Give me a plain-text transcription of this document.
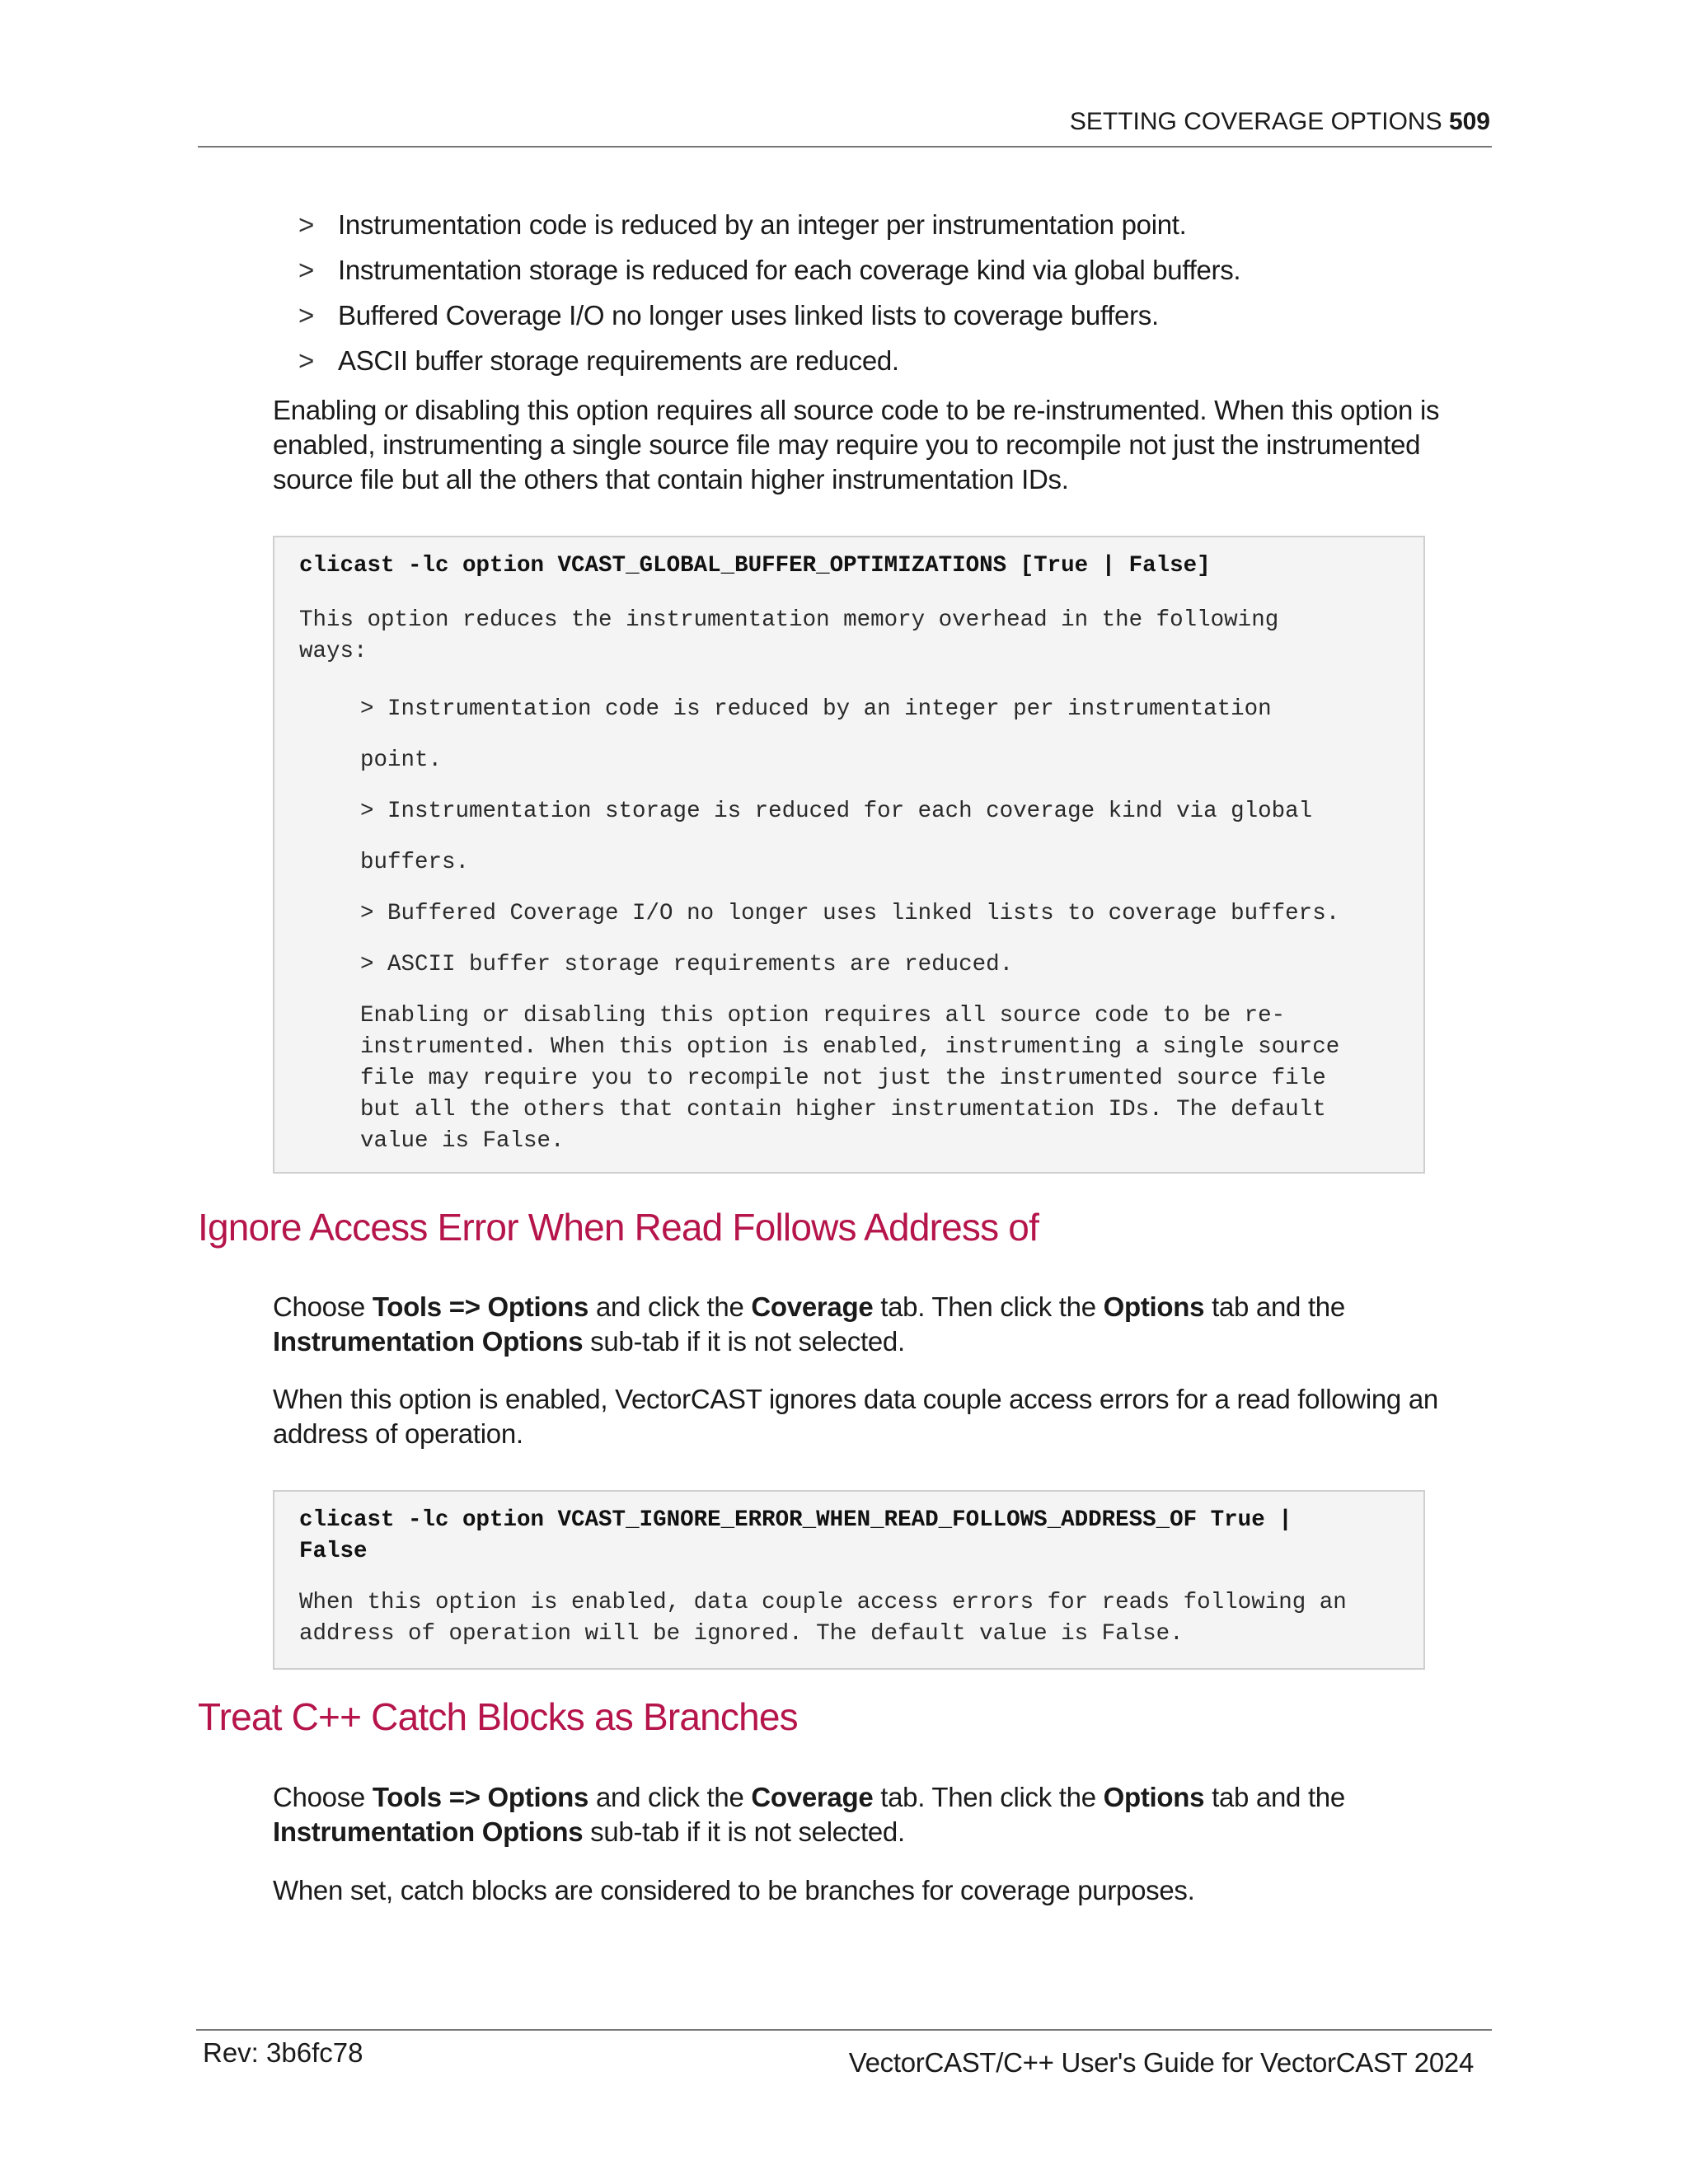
SETTING COVERAGE OPTIONS 509
> Instrumentation code is reduced by an integer per instrumentation point.
> Instrumentation storage is reduced for each coverage kind via global buffers.
> Buffered Coverage I/O no longer uses linked lists to coverage buffers.
> ASCII buffer storage requirements are reduced.

Enabling or disabling this option requires all source code to be re-instrumented. When this option is enabled, instrumenting a single source file may require you to recompile not just the instrumented source file but all the others that contain higher instrumentation IDs.

clicast -lc option VCAST_GLOBAL_BUFFER_OPTIMIZATIONS [True | False]
This option reduces the instrumentation memory overhead in the following
ways:
> Instrumentation code is reduced by an integer per instrumentation
point.
> Instrumentation storage is reduced for each coverage kind via global
buffers.
> Buffered Coverage I/O no longer uses linked lists to coverage buffers.
> ASCII buffer storage requirements are reduced.
Enabling or disabling this option requires all source code to be re-
instrumented. When this option is enabled, instrumenting a single source
file may require you to recompile not just the instrumented source file
but all the others that contain higher instrumentation IDs. The default
value is False.
Ignore Access Error When Read Follows Address of

Choose Tools => Options and click the Coverage tab. Then click the Options tab and the Instrumentation Options sub-tab if it is not selected.

When this option is enabled, VectorCAST ignores data couple access errors for a read following an address of operation.

clicast -lc option VCAST_IGNORE_ERROR_WHEN_READ_FOLLOWS_ADDRESS_OF True |
False
When this option is enabled, data couple access errors for reads following an
address of operation will be ignored. The default value is False.
Treat C++ Catch Blocks as Branches

Choose Tools => Options and click the Coverage tab. Then click the Options tab and the Instrumentation Options sub-tab if it is not selected.

When set, catch blocks are considered to be branches for coverage purposes.

Rev: 3b6fc78	VectorCAST/C++ User's Guide for VectorCAST 2024
